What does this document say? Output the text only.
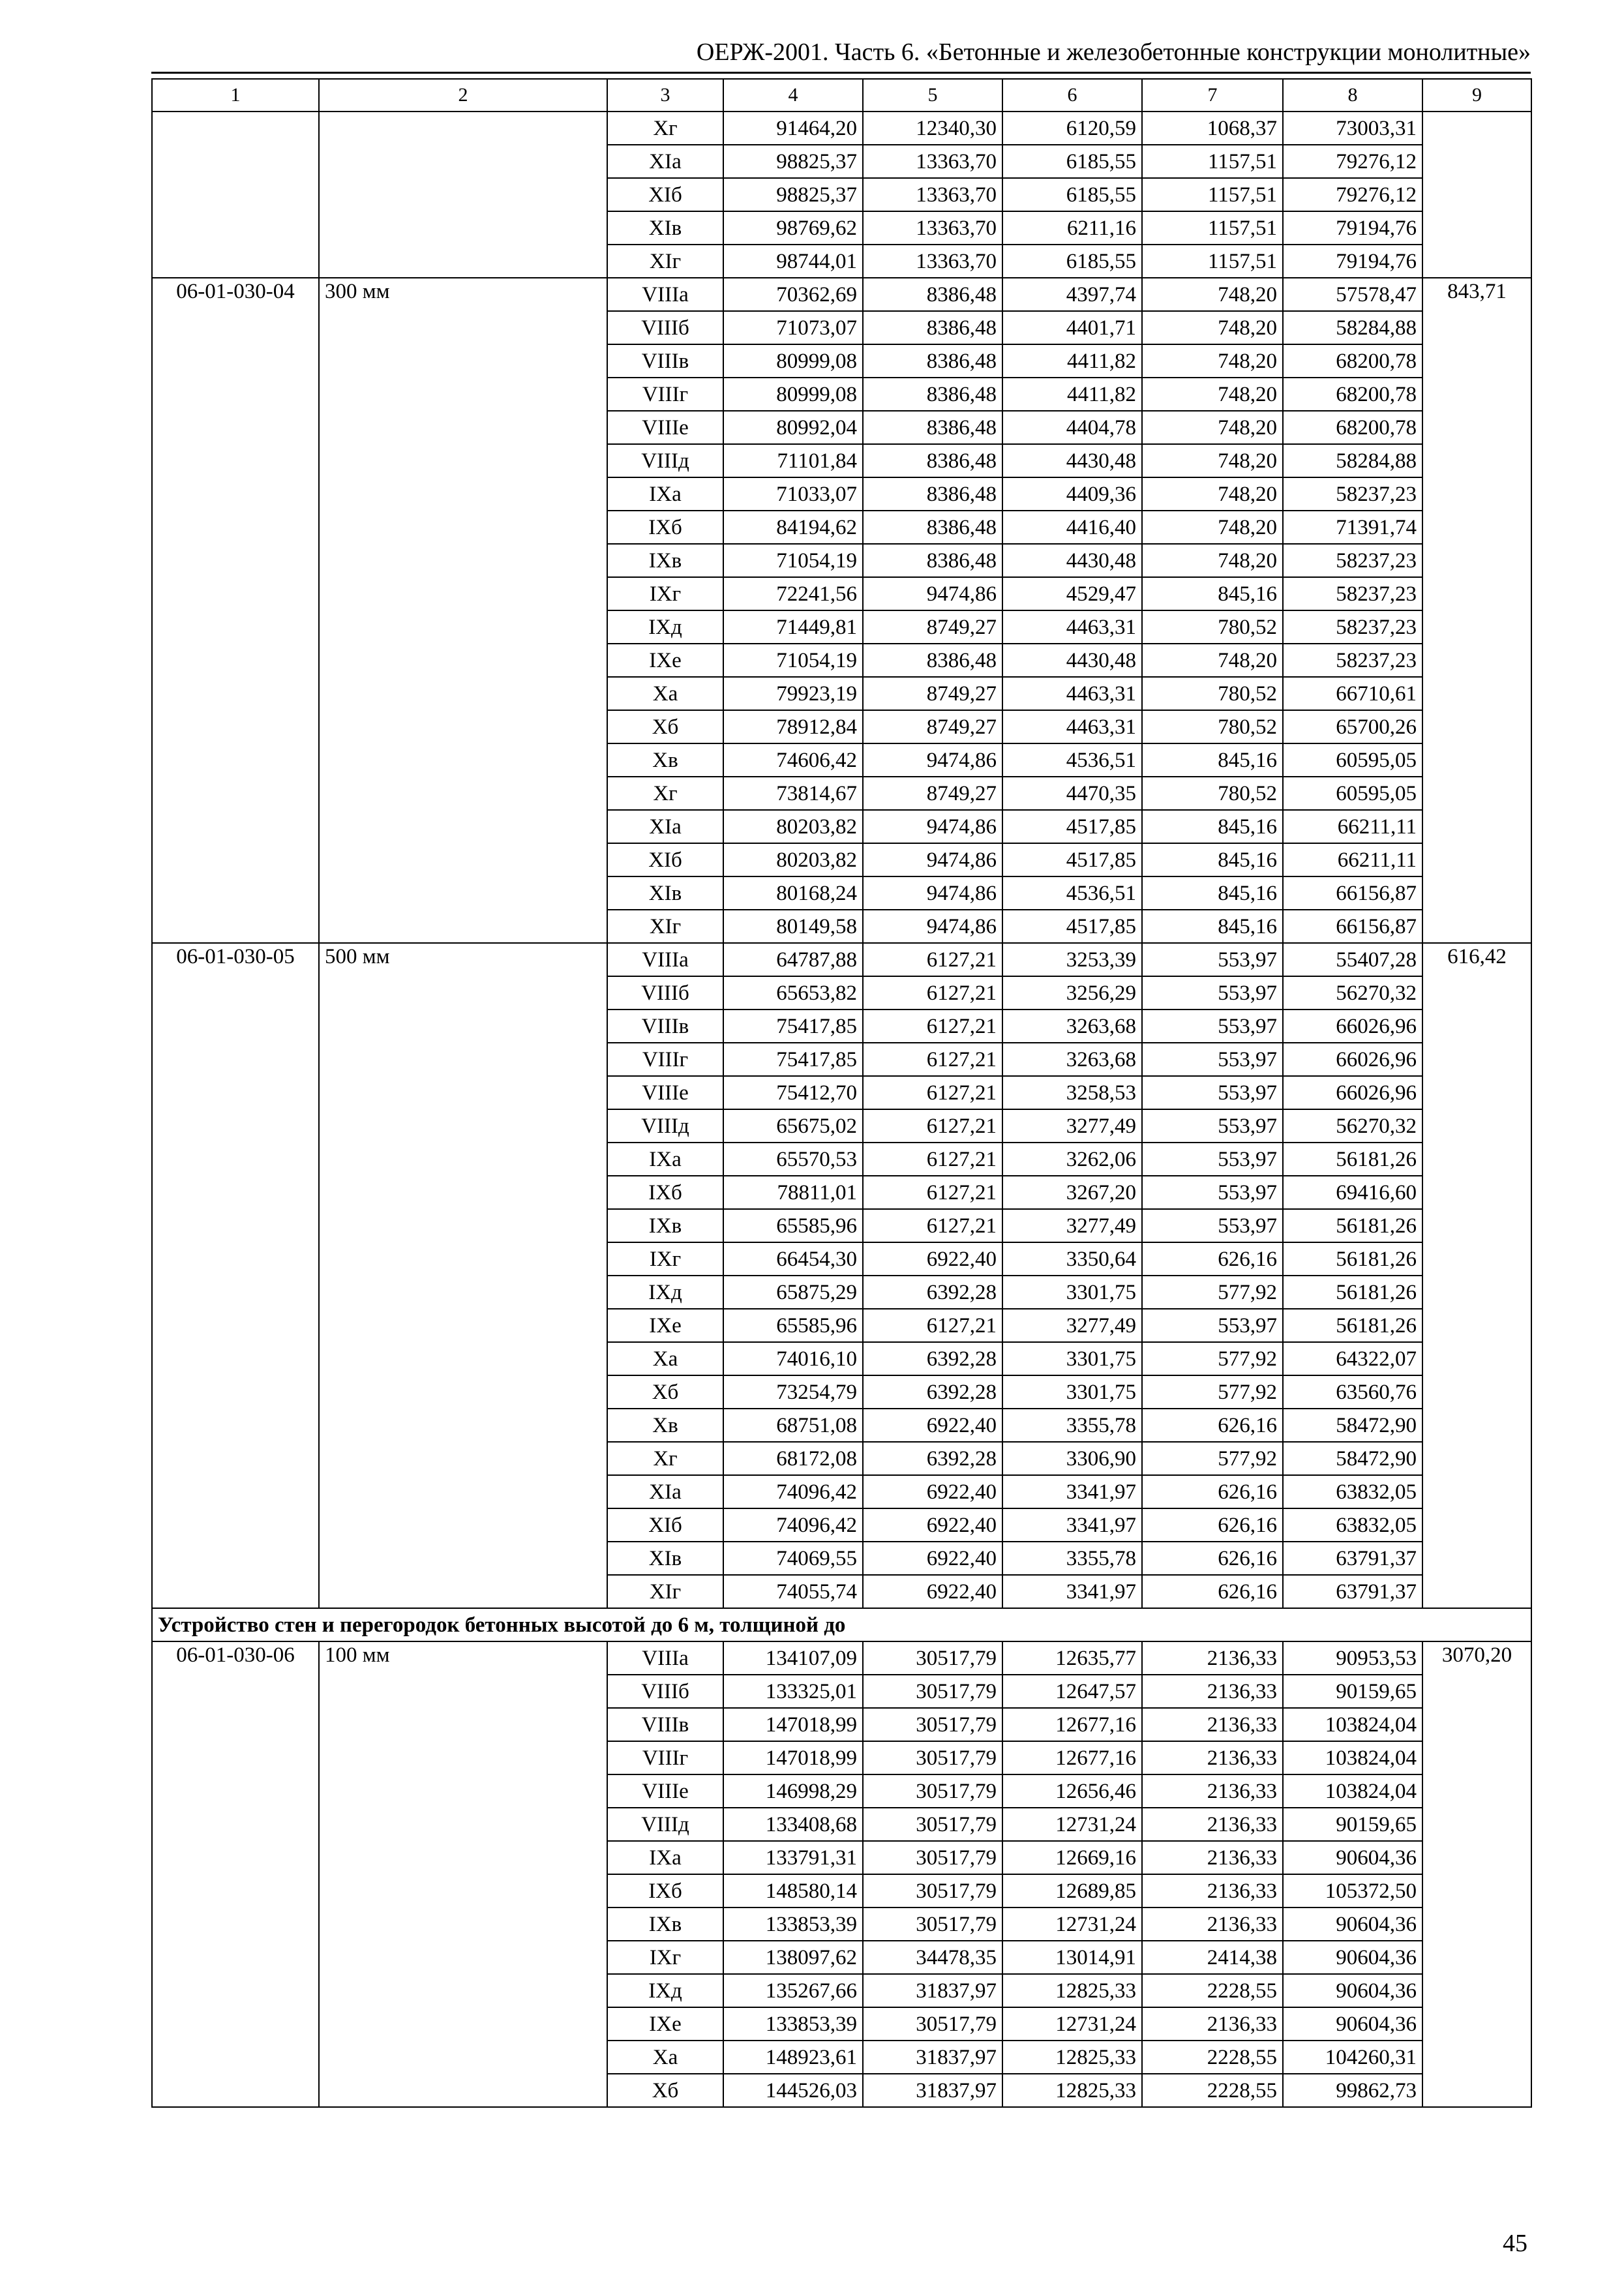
ОЕРЖ-2001. Часть 6. «Бетонные и железобетонные конструкции монолитные»
1	2	3	4	5	6	7	8	9
		Xг	91464,20	12340,30	6120,59	1068,37	73003,31	
		XIа	98825,37	13363,70	6185,55	1157,51	79276,12	
		XIб	98825,37	13363,70	6185,55	1157,51	79276,12	
		XIв	98769,62	13363,70	6211,16	1157,51	79194,76	
		XIг	98744,01	13363,70	6185,55	1157,51	79194,76	
06-01-030-04	300 мм	VIIIа	70362,69	8386,48	4397,74	748,20	57578,47	843,71
		VIIIб	71073,07	8386,48	4401,71	748,20	58284,88	
		VIIIв	80999,08	8386,48	4411,82	748,20	68200,78	
		VIIIг	80999,08	8386,48	4411,82	748,20	68200,78	
		VIIIе	80992,04	8386,48	4404,78	748,20	68200,78	
		VIIIд	71101,84	8386,48	4430,48	748,20	58284,88	
		IXа	71033,07	8386,48	4409,36	748,20	58237,23	
		IXб	84194,62	8386,48	4416,40	748,20	71391,74	
		IXв	71054,19	8386,48	4430,48	748,20	58237,23	
		IXг	72241,56	9474,86	4529,47	845,16	58237,23	
		IXд	71449,81	8749,27	4463,31	780,52	58237,23	
		IXе	71054,19	8386,48	4430,48	748,20	58237,23	
		Xа	79923,19	8749,27	4463,31	780,52	66710,61	
		Xб	78912,84	8749,27	4463,31	780,52	65700,26	
		Xв	74606,42	9474,86	4536,51	845,16	60595,05	
		Xг	73814,67	8749,27	4470,35	780,52	60595,05	
		XIа	80203,82	9474,86	4517,85	845,16	66211,11	
		XIб	80203,82	9474,86	4517,85	845,16	66211,11	
		XIв	80168,24	9474,86	4536,51	845,16	66156,87	
		XIг	80149,58	9474,86	4517,85	845,16	66156,87	
06-01-030-05	500 мм	VIIIа	64787,88	6127,21	3253,39	553,97	55407,28	616,42
		VIIIб	65653,82	6127,21	3256,29	553,97	56270,32	
		VIIIв	75417,85	6127,21	3263,68	553,97	66026,96	
		VIIIг	75417,85	6127,21	3263,68	553,97	66026,96	
		VIIIе	75412,70	6127,21	3258,53	553,97	66026,96	
		VIIIд	65675,02	6127,21	3277,49	553,97	56270,32	
		IXа	65570,53	6127,21	3262,06	553,97	56181,26	
		IXб	78811,01	6127,21	3267,20	553,97	69416,60	
		IXв	65585,96	6127,21	3277,49	553,97	56181,26	
		IXг	66454,30	6922,40	3350,64	626,16	56181,26	
		IXд	65875,29	6392,28	3301,75	577,92	56181,26	
		IXе	65585,96	6127,21	3277,49	553,97	56181,26	
		Xа	74016,10	6392,28	3301,75	577,92	64322,07	
		Xб	73254,79	6392,28	3301,75	577,92	63560,76	
		Xв	68751,08	6922,40	3355,78	626,16	58472,90	
		Xг	68172,08	6392,28	3306,90	577,92	58472,90	
		XIа	74096,42	6922,40	3341,97	626,16	63832,05	
		XIб	74096,42	6922,40	3341,97	626,16	63832,05	
		XIв	74069,55	6922,40	3355,78	626,16	63791,37	
		XIг	74055,74	6922,40	3341,97	626,16	63791,37	
Устройство стен и перегородок бетонных высотой до 6 м, толщиной до								
06-01-030-06	100 мм	VIIIа	134107,09	30517,79	12635,77	2136,33	90953,53	3070,20
		VIIIб	133325,01	30517,79	12647,57	2136,33	90159,65	
		VIIIв	147018,99	30517,79	12677,16	2136,33	103824,04	
		VIIIг	147018,99	30517,79	12677,16	2136,33	103824,04	
		VIIIе	146998,29	30517,79	12656,46	2136,33	103824,04	
		VIIIд	133408,68	30517,79	12731,24	2136,33	90159,65	
		IXа	133791,31	30517,79	12669,16	2136,33	90604,36	
		IXб	148580,14	30517,79	12689,85	2136,33	105372,50	
		IXв	133853,39	30517,79	12731,24	2136,33	90604,36	
		IXг	138097,62	34478,35	13014,91	2414,38	90604,36	
		IXд	135267,66	31837,97	12825,33	2228,55	90604,36	
		IXе	133853,39	30517,79	12731,24	2136,33	90604,36	
		Xа	148923,61	31837,97	12825,33	2228,55	104260,31	
		Xб	144526,03	31837,97	12825,33	2228,55	99862,73	
45
